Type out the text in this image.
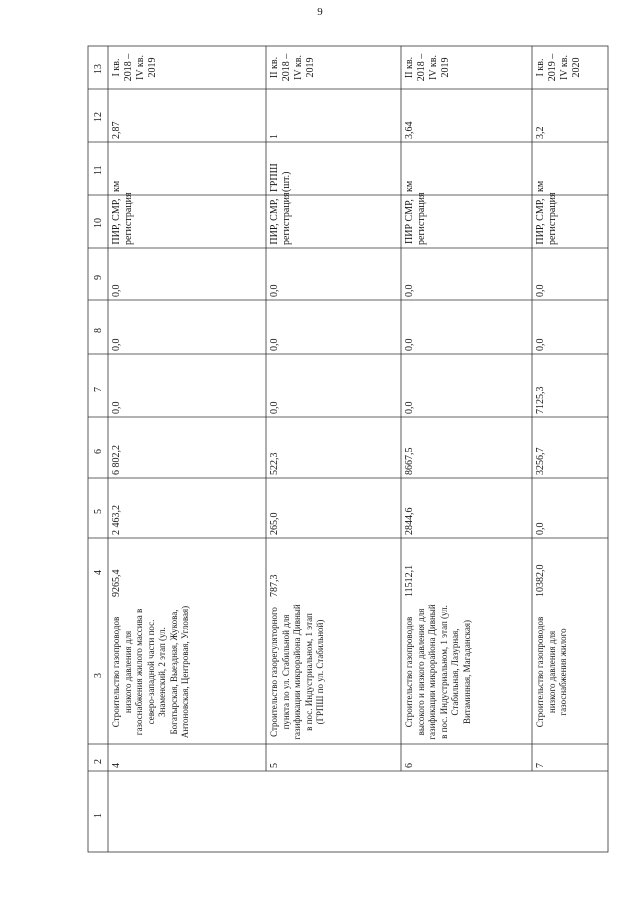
9
1
2
3
4
5
6
7
8
9
10
11
12
13 I кв. 2018 – IV кв. 2019
2,87
км
ПИР, СМР, регистрация
0,0
0,0
0,0
6 802,2
2 463,2
9265,4
Строительство газопроводов низкого давления для газоснабжения жилого массива в северо-западной части пос. Знаменский, 2 этап (ул. Богатырская, Выездная, Жукова, Антоновская, Центровая, Угловая)
4
II кв. 2018 – IV кв. 2019
1
ГРПШ (шт.)
ПИР, СМР, регистрация
0,0
0,0
0,0
522,3
265,0
787,3
Строительство газорегуляторного пункта по ул. Стабильной для газификации микрорайона Дивный в пос. Индустриальном, 1 этап (ГРПШ по ул. Стабильной)
5
II кв. 2018 – IV кв. 2019
3,64
км
ПИР СМР, регистрация
0,0
0,0
0,0
8667,5
2844,6
11512,1
Строительство газопроводов высокого и низкого давления для газификации микрорайона Дивный в пос. Индустриальном, 1 этап (ул. Стабильная, Лазурная, Витаминная, Магаданская)
6
I кв. 2019 – IV кв. 2020
3,2
км
ПИР, СМР, регистрация
0,0
0,0
7125,3
3256,7
0,0
10382,0
Строительство газопроводов низкого давления для газоснабжения жилого
7
